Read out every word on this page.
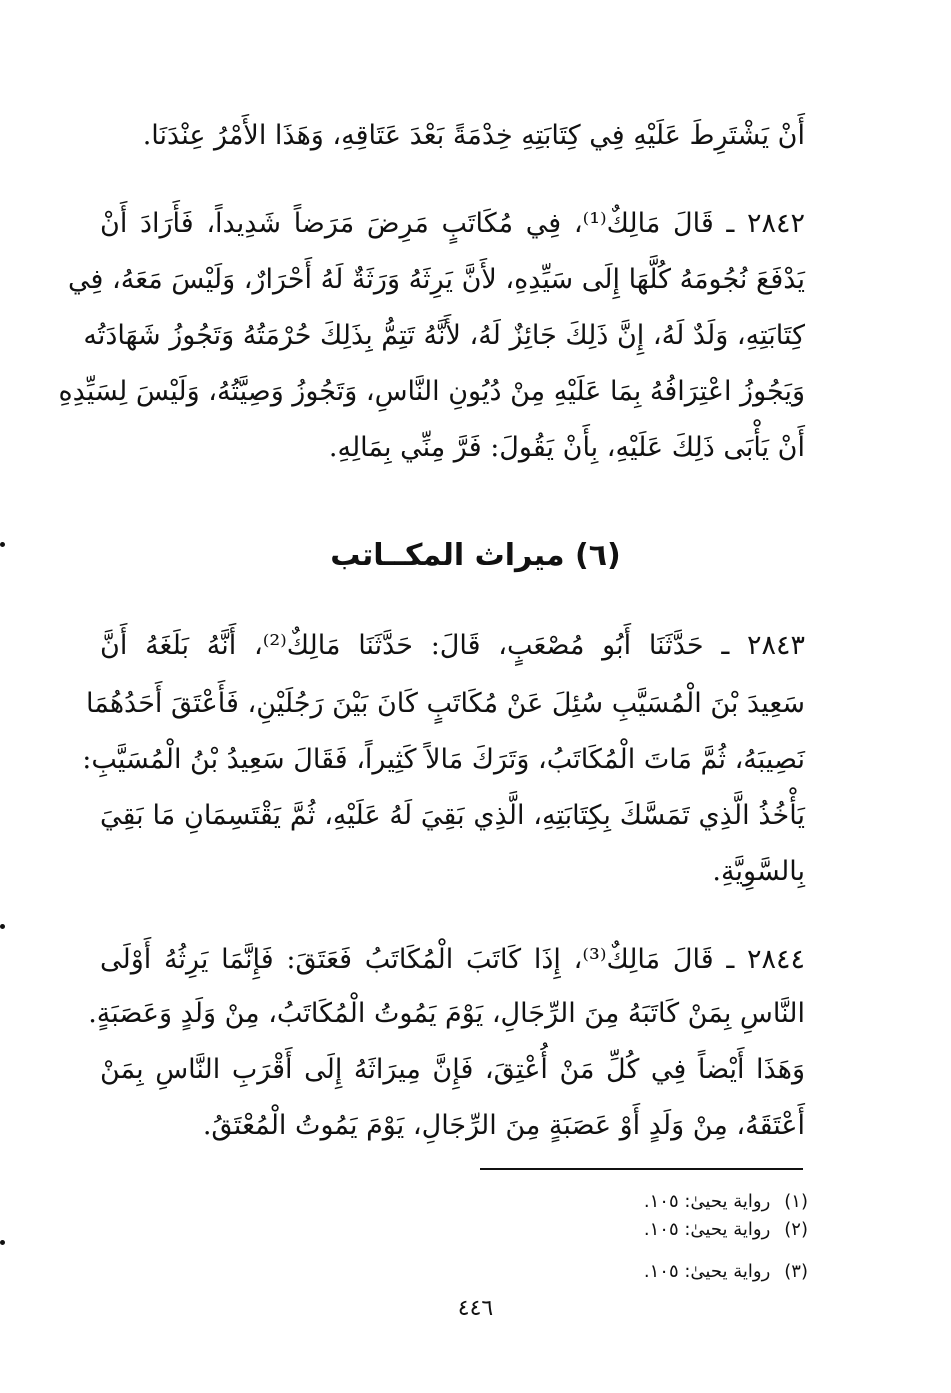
أَنْ يَشْتَرِطَ عَلَيْهِ فِي كِتَابَتِهِ خِدْمَةً بَعْدَ عَتَاقِهِ، وَهَذَا الأَمْرُ عِنْدَنَا.
٢٨٤٢ ـ قَالَ مَالِكٌ⁽¹⁾، فِي مُكَاتَبٍ مَرِضَ مَرَضاً شَدِيداً، فَأَرَادَ أَنْ
يَدْفَعَ نُجُومَهُ كُلَّهَا إِلَى سَيِّدِهِ، لأَنَّ يَرِثَهُ وَرَثَةٌ لَهُ أَحْرَارٌ، وَلَيْسَ مَعَهُ، فِي
كِتَابَتِهِ، وَلَدٌ لَهُ، إِنَّ ذَلِكَ جَائِزٌ لَهُ، لأَنَّهُ تَتِمُّ بِذَلِكَ حُرْمَتُهُ وَتَجُوزُ شَهَادَتُه
وَيَجُوزُ اعْتِرَافُهُ بِمَا عَلَيْهِ مِنْ دُيُونِ النَّاسِ، وَتَجُوزُ وَصِيَّتُهُ، وَلَيْسَ لِسَيِّدِهِ
أَنْ يَأْبَى ذَلِكَ عَلَيْهِ، بِأَنْ يَقُولَ: فَرَّ مِنِّي بِمَالِهِ.
(٦) ميراث المكــاتب
٢٨٤٣ ـ حَدَّثَنَا أَبُو مُصْعَبٍ، قَالَ: حَدَّثَنَا مَالِكٌ⁽²⁾، أَنَّهُ بَلَغَهُ أَنَّ
سَعِيدَ بْنَ الْمُسَيَّبِ سُئِلَ عَنْ مُكَاتَبٍ كَانَ بَيْنَ رَجُلَيْنِ، فَأَعْتَقَ أَحَدُهُمَا
نَصِيبَهُ، ثُمَّ مَاتَ الْمُكَاتَبُ، وَتَرَكَ مَالاً كَثِيراً، فَقَالَ سَعِيدُ بْنُ الْمُسَيَّبِ:
يَأْخُذُ الَّذِي تَمَسَّكَ بِكِتَابَتِهِ، الَّذِي بَقِيَ لَهُ عَلَيْهِ، ثُمَّ يَقْتَسِمَانِ مَا بَقِيَ
بِالسَّوِيَّةِ.
٢٨٤٤ ـ قَالَ مَالِكٌ⁽³⁾، إِذَا كَاتَبَ الْمُكَاتَبُ فَعَتَقَ: فَإِنَّمَا يَرِثُهُ أَوْلَى
النَّاسِ بِمَنْ كَاتَبَهُ مِنَ الرِّجَالِ، يَوْمَ يَمُوتُ الْمُكَاتَبُ، مِنْ وَلَدٍ وَعَصَبَةٍ.
وَهَذَا أَيْضاً فِي كُلِّ مَنْ أُعْتِقَ، فَإِنَّ مِيرَاثَهُ إِلَى أَقْرَبِ النَّاسِ بِمَنْ
أَعْتَقَهُ، مِنْ وَلَدٍ أَوْ عَصَبَةٍ مِنَ الرِّجَالِ، يَوْمَ يَمُوتُ الْمُعْتَقُ.
(١)رواية يحيىٰ: ١٠٥.
(٢)رواية يحيىٰ: ١٠٥.
(٣)رواية يحيىٰ: ١٠٥.
٤٤٦
